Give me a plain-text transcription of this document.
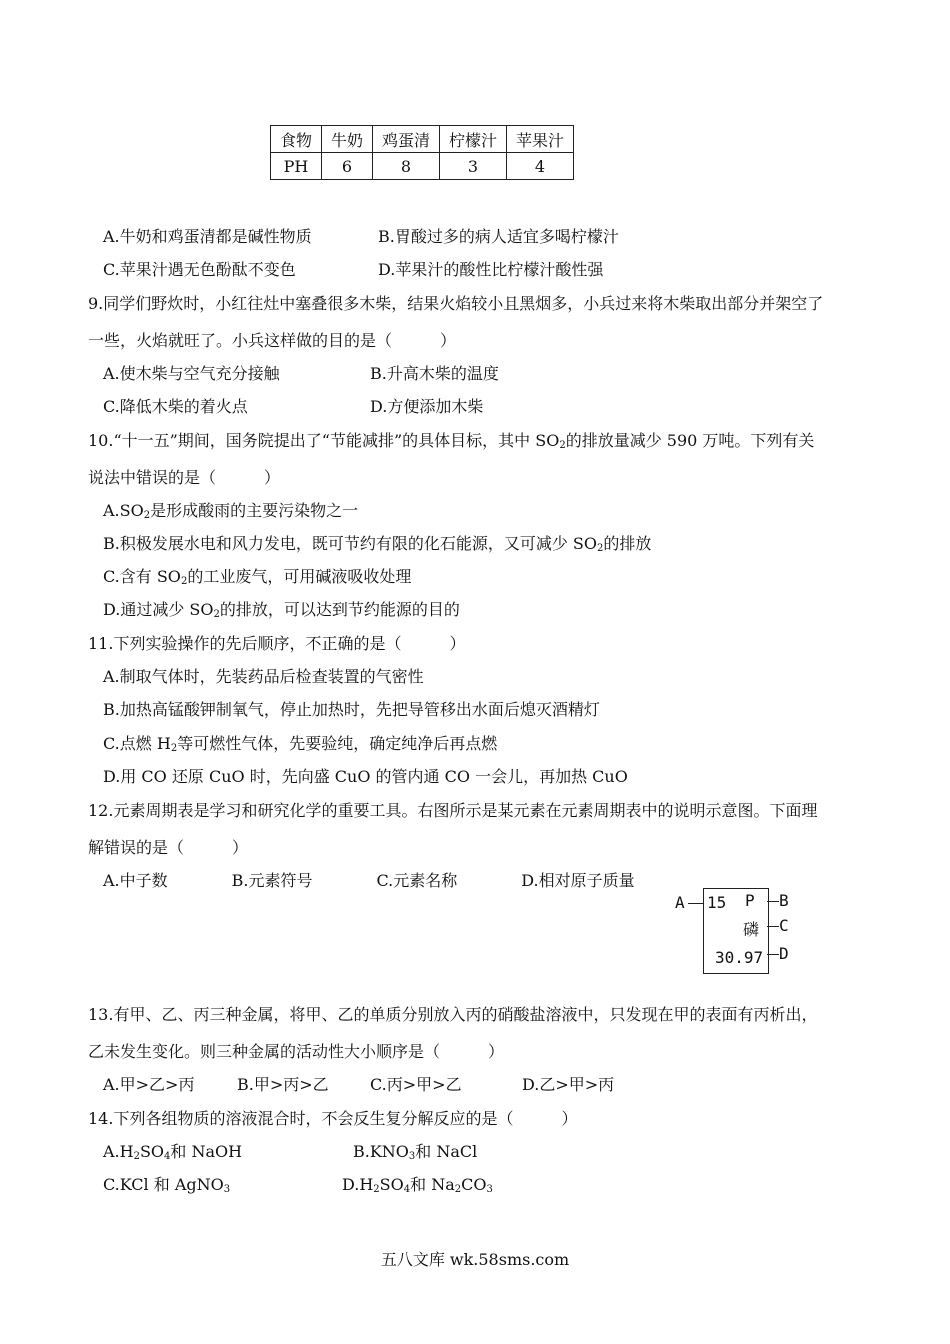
食物	牛奶	鸡蛋清	柠檬汁	苹果汁
PH	6	8	3	4
A.牛奶和鸡蛋清都是碱性物质	B.胃酸过多的病人适宜多喝柠檬汁
C.苹果汁遇无色酚酞不变色	D.苹果汁的酸性比柠檬汁酸性强
9.同学们野炊时，小红往灶中塞叠很多木柴，结果火焰较小且黑烟多，小兵过来将木柴取出部分并架空了
一些，火焰就旺了。小兵这样做的目的是（　　　）
A.使木柴与空气充分接触	B.升高木柴的温度
C.降低木柴的着火点	D.方便添加木柴
10.“十一五”期间，国务院提出了“节能减排”的具体目标，其中 $SO_2$的排放量减少 590 万吨。下列有关
说法中错误的是（　　　）
$A.SO_2$是形成酸雨的主要污染物之一
B.积极发展水电和风力发电，既可节约有限的化石能源，又可减少 $SO_2$的排放
C.含有 $SO_2$的工业废气，可用碱液吸收处理
D.通过减少 $SO_2$的排放，可以达到节约能源的目的
11.下列实验操作的先后顺序，不正确的是（　　　）
A.制取气体时，先装药品后检查装置的气密性
B.加热高锰酸钾制氧气，停止加热时，先把导管移出水面后熄灭酒精灯
C.点燃 $H_2$等可燃性气体，先要验纯，确定纯净后再点燃
D.用 CO 还原 CuO 时，先向盛 CuO 的管内通 CO 一会儿，再加热 CuO
12.元素周期表是学习和研究化学的重要工具。右图所示是某元素在元素周期表中的说明示意图。下面理
解错误的是（　　　）
A.中子数　　　　B.元素符号　　　　C.元素名称　　　　D.相对原子质量
A 15 P B
磷 C
30.97 D
13.有甲、乙、丙三种金属，将甲、乙的单质分别放入丙的硝酸盐溶液中，只发现在甲的表面有丙析出，
乙未发生变化。则三种金属的活动性大小顺序是（　　　）
A.甲>乙>丙	B.甲>丙>乙	C.丙>甲>乙	D.乙>甲>丙
14.下列各组物质的溶液混合时，不会反生复分解反应的是（　　　）
$A.H_2SO_4$和 NaOH	$B.KNO_3$和 NaCl
C.KCl 和 AgNO$_3$	$D.H_2SO_4$和 $Na_2CO_3$
五八文库 wk.58sms.com
